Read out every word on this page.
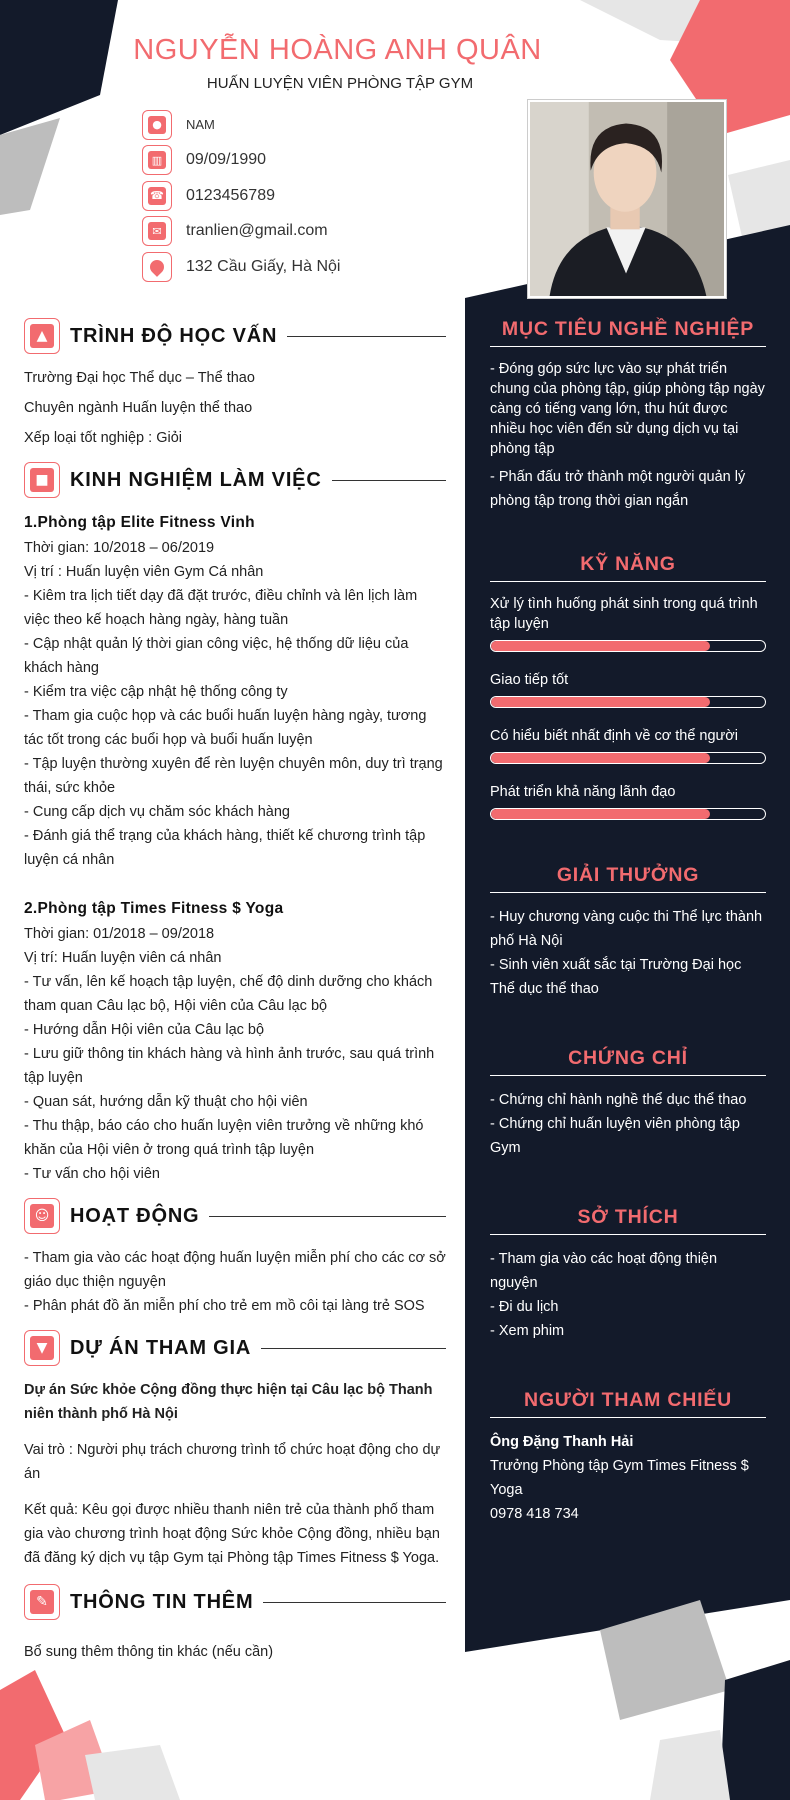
NGUYỄN HOÀNG ANH QUÂN
HUẤN LUYỆN VIÊN PHÒNG TẬP GYM
●	NAM
▥ 09/09/1990
☎ 0123456789
✉ tranlien@gmail.com
132 Cầu Giấy, Hà Nội
▲	TRÌNH ĐỘ HỌC VẤN
Trường Đại học Thể dục – Thể thao
Chuyên ngành Huấn luyện thể thao
Xếp loại tốt nghiệp : Giỏi
■ KINH NGHIỆM LÀM VIỆC
1.Phòng tập Elite Fitness Vinh
Thời gian: 10/2018 – 06/2019
Vị trí : Huấn luyện viên Gym Cá nhân
- Kiêm tra lịch tiết dạy đã đặt trước, điều chỉnh và lên lịch làm việc theo kế hoạch hàng ngày, hàng tuần
- Cập nhật quản lý thời gian công việc, hệ thống dữ liệu của khách hàng
- Kiểm tra việc cập nhật hệ thống công ty
- Tham gia cuộc họp và các buổi huấn luyện hàng ngày, tương tác tốt trong các buổi họp và buổi huấn luyện
- Tập luyện thường xuyên để rèn luyện chuyên môn, duy trì trạng thái, sức khỏe
- Cung cấp dịch vụ chăm sóc khách hàng
- Đánh giá thể trạng của khách hàng, thiết kế chương trình tập luyện cá nhân
2.Phòng tập Times Fitness $ Yoga
Thời gian: 01/2018 – 09/2018
Vị trí: Huấn luyện viên cá nhân
- Tư vấn, lên kế hoạch tập luyện, chế độ dinh dưỡng cho khách tham quan Câu lạc bộ, Hội viên của Câu lạc bộ
- Hướng dẫn Hội viên của Câu lạc bộ
- Lưu giữ thông tin khách hàng và hình ảnh trước, sau quá trình tập luyện
- Quan sát, hướng dẫn kỹ thuật cho hội viên
- Thu thập, báo cáo cho huấn luyện viên trưởng về những khó khăn của Hội viên ở trong quá trình tập luyện
- Tư vấn cho hội viên
☺ HOẠT ĐỘNG
- Tham gia vào các hoạt động huấn luyện miễn phí cho các cơ sở giáo dục thiện nguyện
- Phân phát đồ ăn miễn phí cho trẻ em mồ côi tại làng trẻ SOS
▼	DỰ ÁN THAM GIA
Dự án Sức khỏe Cộng đồng thực hiện tại Câu lạc bộ Thanh niên thành phố Hà Nội
Vai trò : Người phụ trách chương trình tổ chức hoạt động cho dự án
Kết quả: Kêu gọi được nhiều thanh niên trẻ của thành phố tham gia vào chương trình hoạt động Sức khỏe Cộng đồng, nhiều bạn đã đăng ký dịch vụ tập Gym tại Phòng tập Times Fitness $ Yoga.
✎	THÔNG TIN THÊM
Bổ sung thêm thông tin khác (nếu cần)
MỤC TIÊU NGHỀ NGHIỆP
- Đóng góp sức lực vào sự phát triển chung của phòng tập, giúp phòng tập ngày càng có tiếng vang lớn, thu hút được nhiều học viên đến sử dụng dịch vụ tại phòng tập
- Phấn đấu trở thành một người quản lý phòng tập trong thời gian ngắn
KỸ NĂNG
Xử lý tình huống phát sinh trong quá trình tập luyện
Giao tiếp tốt
Có hiểu biết nhất định về cơ thể người
Phát triển khả năng lãnh đạo
GIẢI THƯỞNG
- Huy chương vàng cuộc thi Thể lực thành phố Hà Nội
- Sinh viên xuất sắc tại Trường Đại học Thể dục thể thao
CHỨNG CHỈ
- Chứng chỉ hành nghề thể dục thể thao
- Chứng chỉ huấn luyện viên phòng tập Gym
SỞ THÍCH
- Tham gia vào các hoạt động thiện nguyện
- Đi du lịch
- Xem phim
NGƯỜI THAM CHIẾU
Ông Đặng Thanh Hải
Trưởng Phòng tập Gym Times Fitness $ Yoga
0978 418 734
